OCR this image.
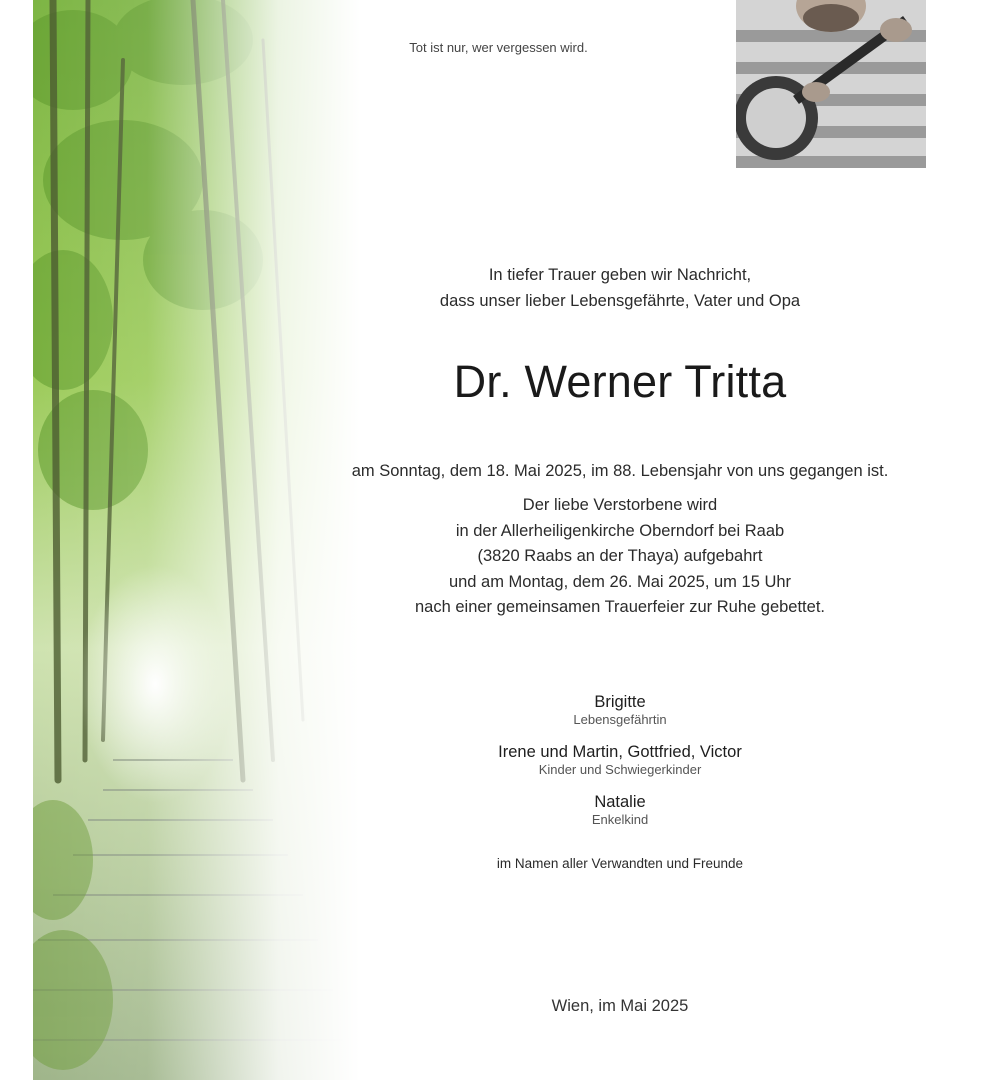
Tot ist nur, wer vergessen wird.
In tiefer Trauer geben wir Nachricht,
dass unser lieber Lebensgefährte, Vater und Opa
Dr. Werner Tritta
am Sonntag, dem 18. Mai 2025, im 88. Lebensjahr von uns gegangen ist.
Der liebe Verstorbene wird
in der Allerheiligenkirche Oberndorf bei Raab
(3820 Raabs an der Thaya) aufgebahrt
und am Montag, dem 26. Mai 2025, um 15 Uhr
nach einer gemeinsamen Trauerfeier zur Ruhe gebettet.
Brigitte
Lebensgefährtin
Irene und Martin, Gottfried, Victor
Kinder und Schwiegerkinder
Natalie
Enkelkind
im Namen aller Verwandten und Freunde
Wien, im Mai 2025
